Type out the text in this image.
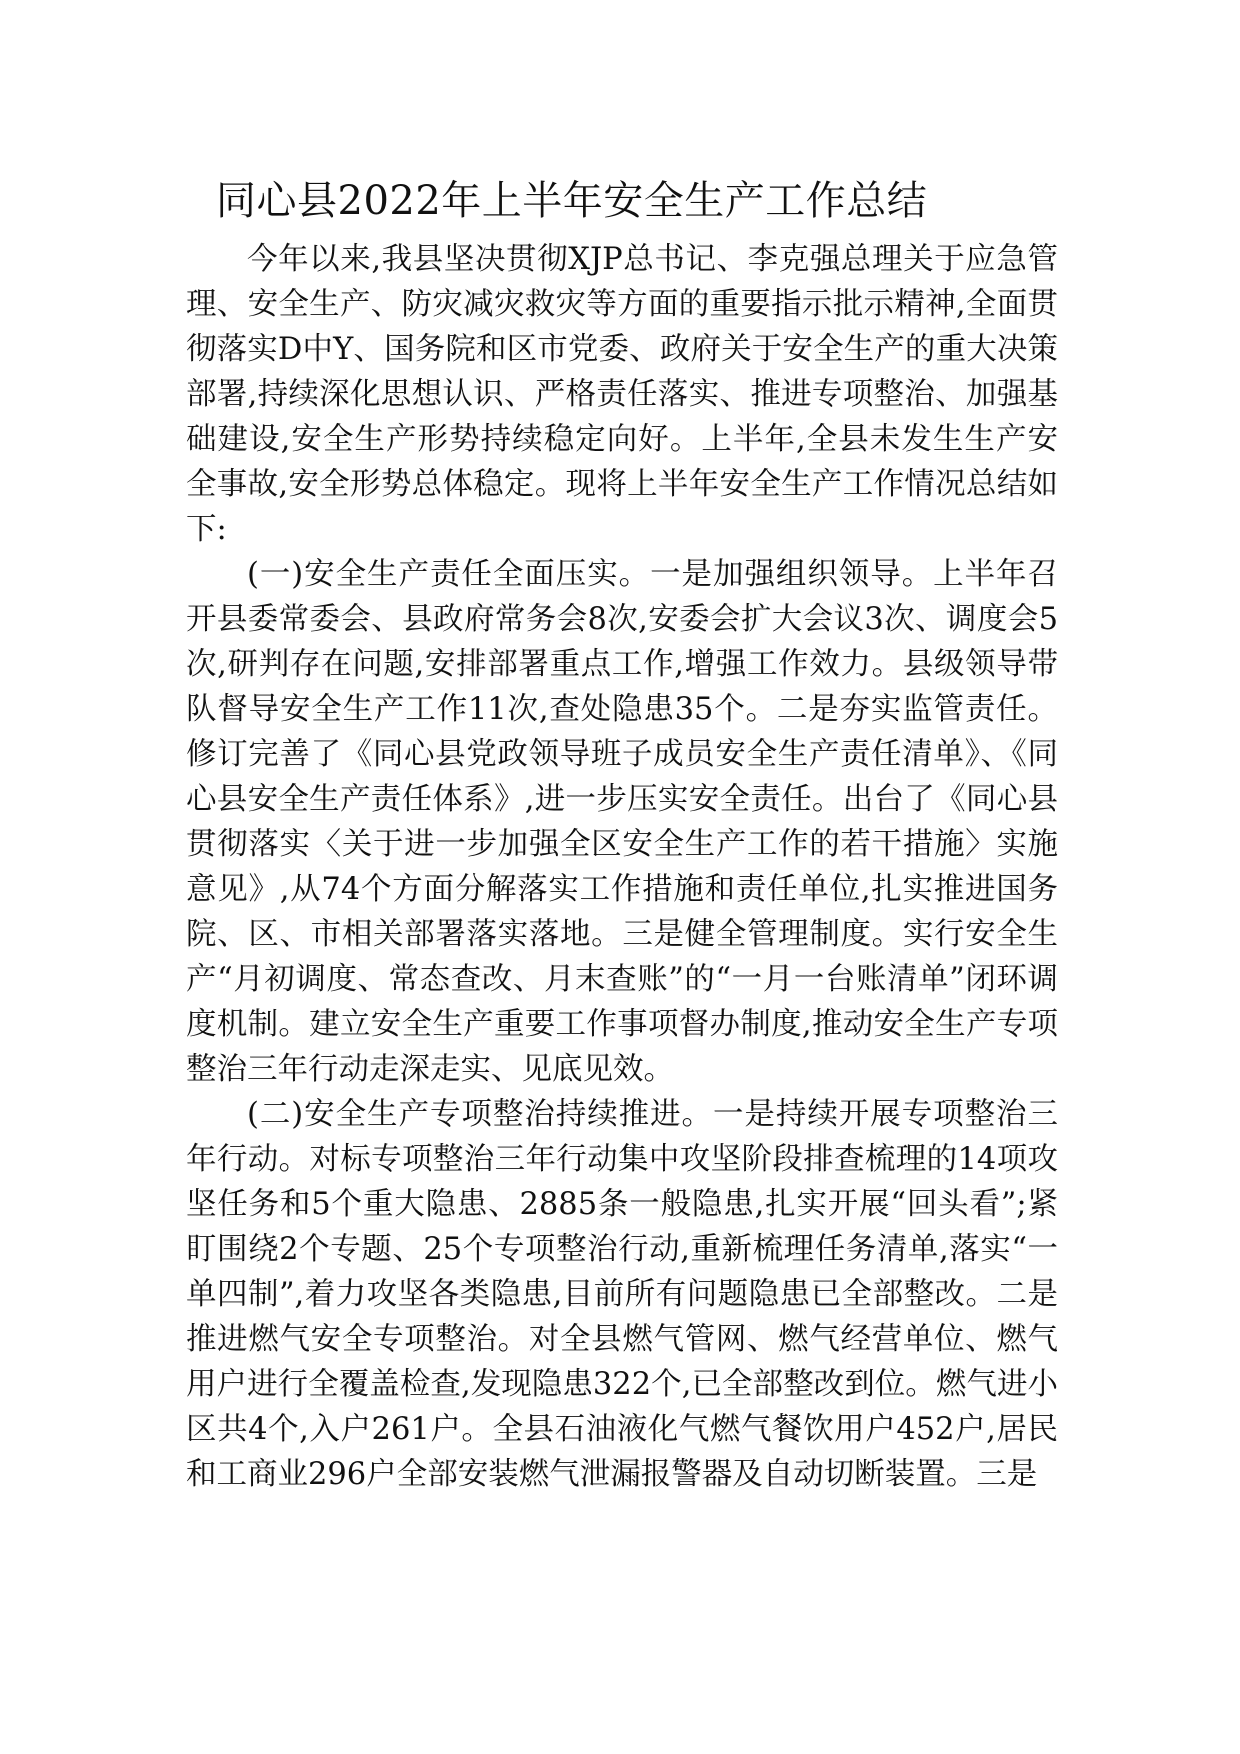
同心县2022年上半年安全生产工作总结

今年以来,我县坚决贯彻XJP总书记、李克强总理关于应急管理、安全生产、防灾减灾救灾等方面的重要指示批示精神,全面贯彻落实D中Y、国务院和区市党委、政府关于安全生产的重大决策部署,持续深化思想认识、严格责任落实、推进专项整治、加强基础建设,安全生产形势持续稳定向好。上半年,全县未发生生产安全事故,安全形势总体稳定。现将上半年安全生产工作情况总结如下:

(一)安全生产责任全面压实。一是加强组织领导。上半年召开县委常委会、县政府常务会8次,安委会扩大会议3次、调度会5次,研判存在问题,安排部署重点工作,增强工作效力。县级领导带队督导安全生产工作11次,查处隐患35个。二是夯实监管责任。修订完善了《同心县党政领导班子成员安全生产责任清单》、《同心县安全生产责任体系》,进一步压实安全责任。出台了《同心县贯彻落实〈关于进一步加强全区安全生产工作的若干措施〉实施意见》,从74个方面分解落实工作措施和责任单位,扎实推进国务院、区、市相关部署落实落地。三是健全管理制度。实行安全生产“月初调度、常态查改、月末查账”的“一月一台账清单”闭环调度机制。建立安全生产重要工作事项督办制度,推动安全生产专项整治三年行动走深走实、见底见效。

(二)安全生产专项整治持续推进。一是持续开展专项整治三年行动。对标专项整治三年行动集中攻坚阶段排查梳理的14项攻坚任务和5个重大隐患、2885条一般隐患,扎实开展“回头看”;紧盯围绕2个专题、25个专项整治行动,重新梳理任务清单,落实“一单四制”,着力攻坚各类隐患,目前所有问题隐患已全部整改。二是推进燃气安全专项整治。对全县燃气管网、燃气经营单位、燃气用户进行全覆盖检查,发现隐患322个,已全部整改到位。燃气进小区共4个,入户261户。全县石油液化气燃气餐饮用户452户,居民和工商业296户全部安装燃气泄漏报警器及自动切断装置。三是
